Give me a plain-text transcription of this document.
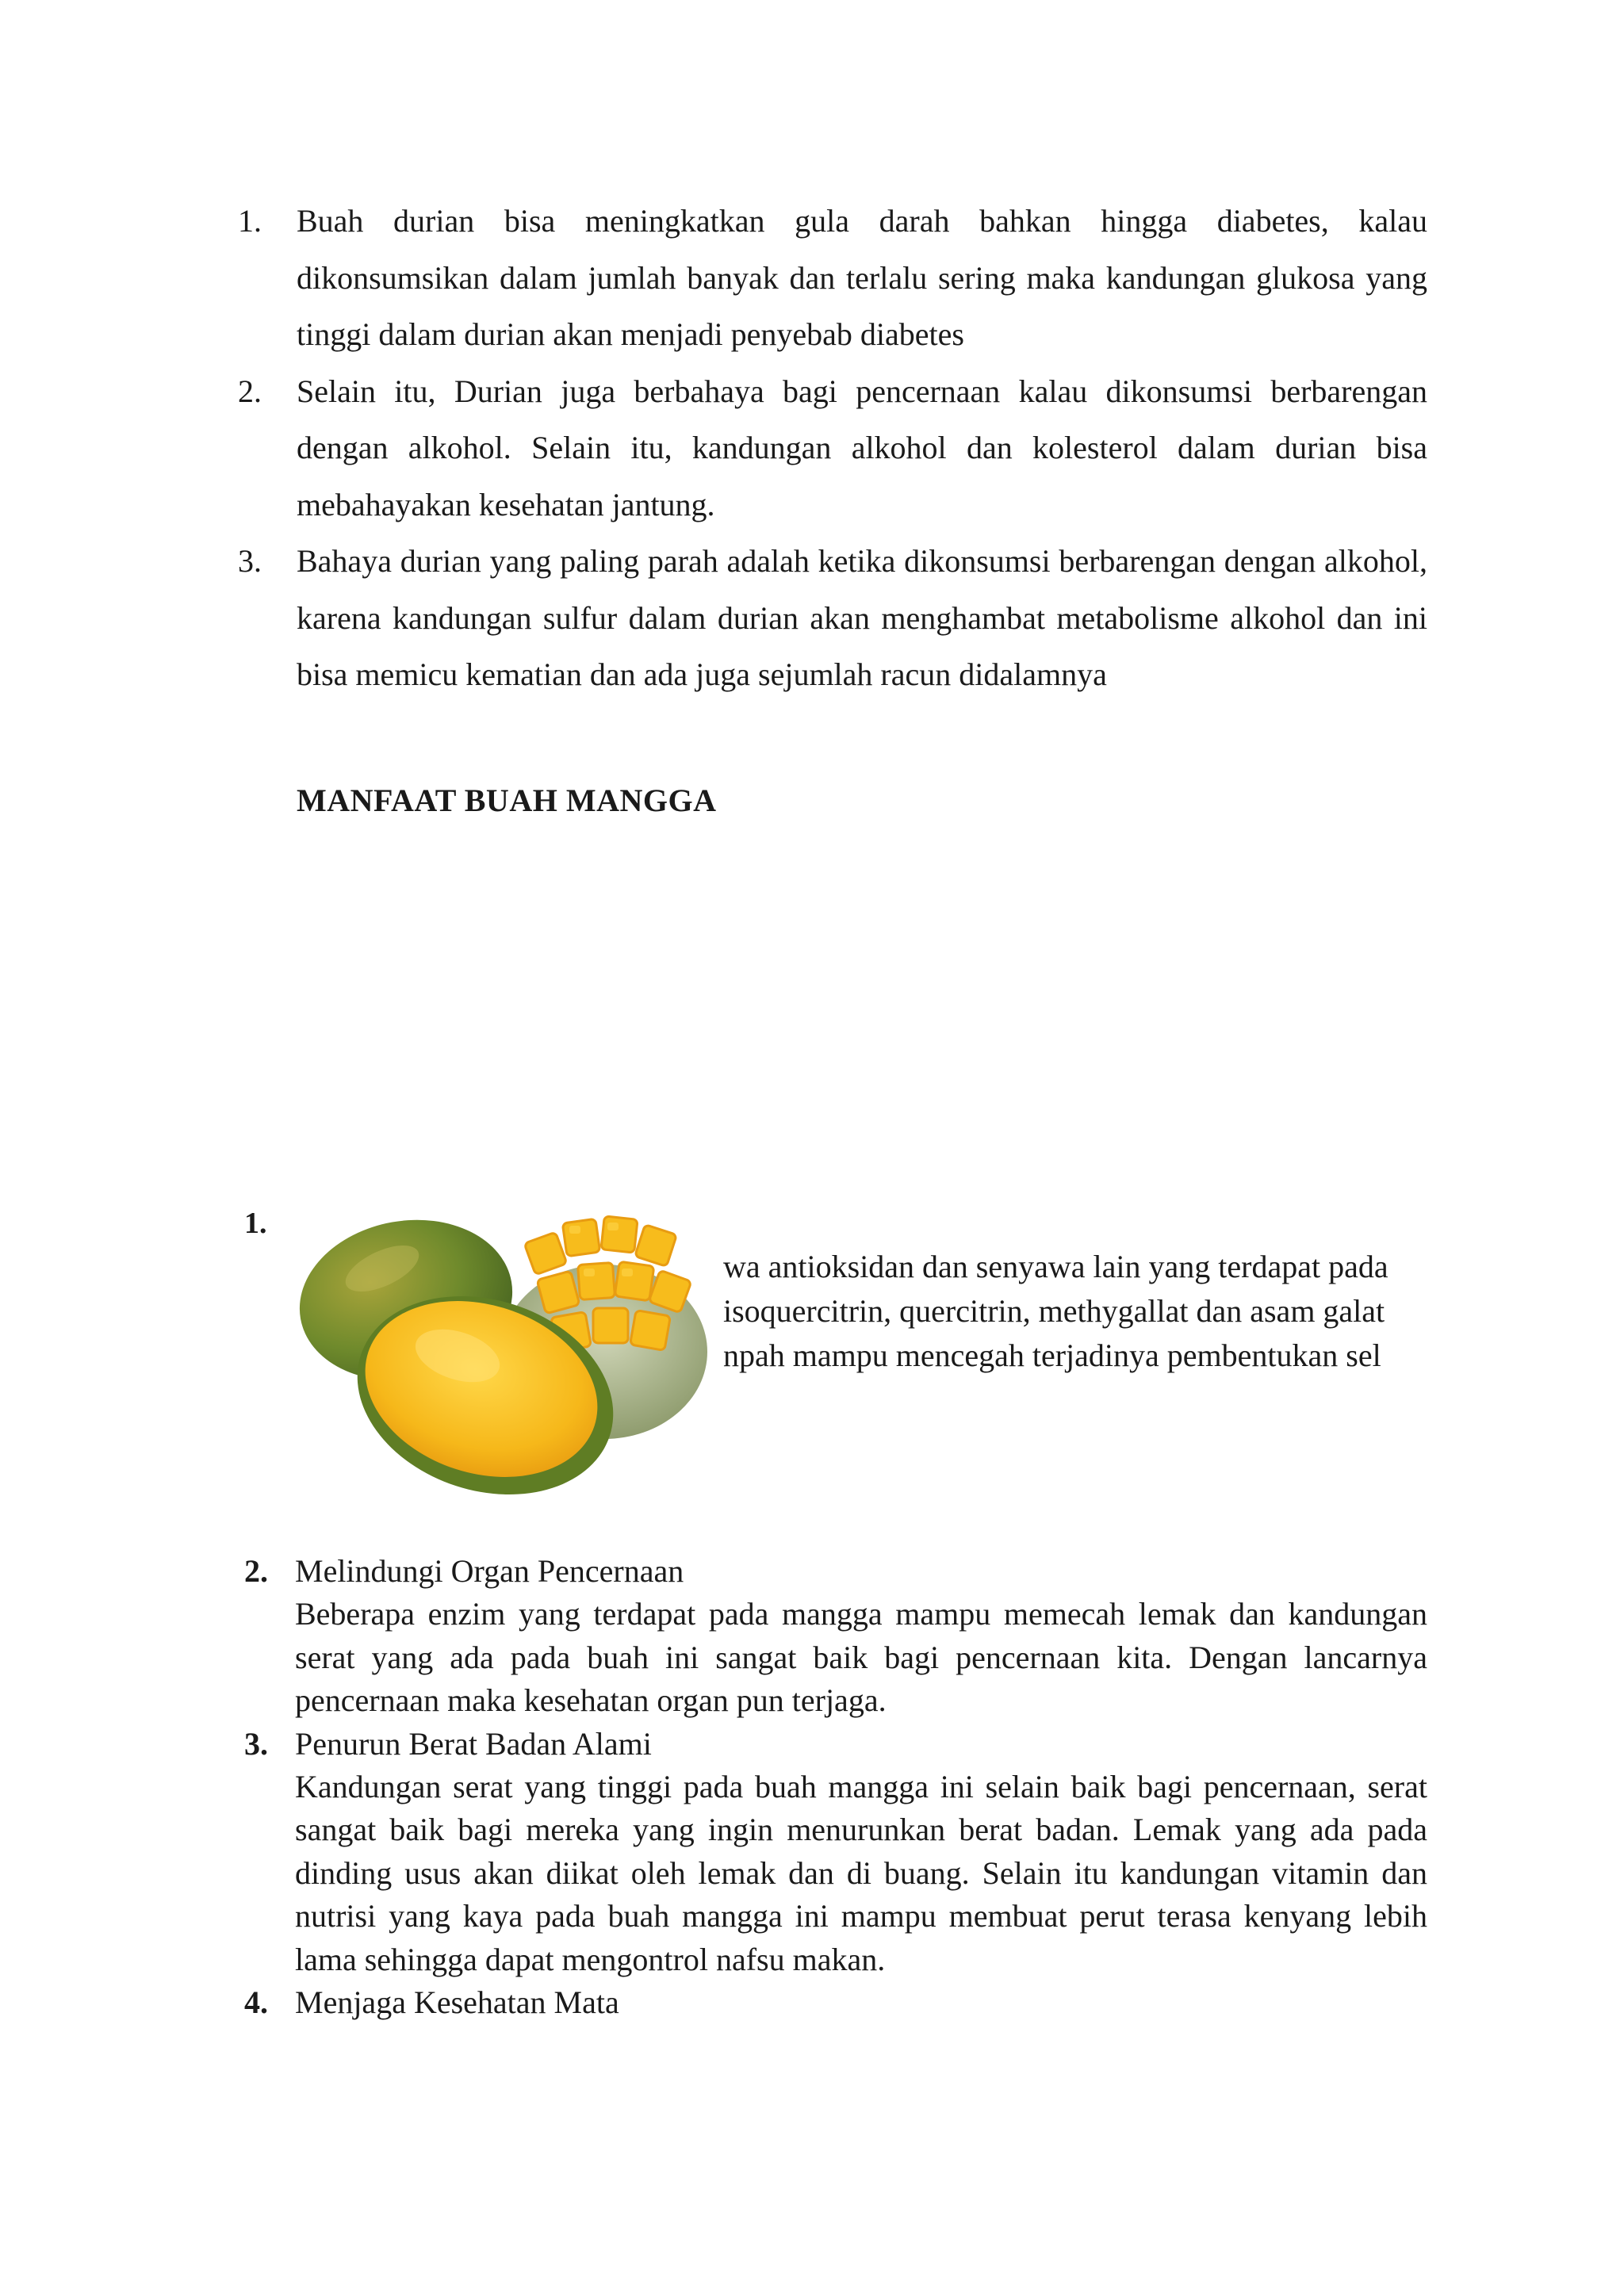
1. Buah durian bisa meningkatkan gula darah bahkan hingga diabetes, kalau dikonsumsikan dalam jumlah banyak dan terlalu sering maka kandungan glukosa yang tinggi dalam durian akan menjadi penyebab diabetes
2. Selain itu, Durian juga berbahaya bagi pencernaan kalau dikonsumsi berbarengan dengan alkohol. Selain itu, kandungan alkohol dan kolesterol dalam durian bisa mebahayakan kesehatan jantung.
3. Bahaya durian yang paling parah adalah ketika dikonsumsi berbarengan dengan alkohol, karena kandungan sulfur dalam durian akan menghambat metabolisme alkohol dan ini bisa memicu kematian dan ada juga sejumlah racun didalamnya
MANFAAT BUAH MANGGA
1.
wa antioksidan dan senyawa lain yang terdapat pada
isoquercitrin, quercitrin, methygallat dan asam galat
npah mampu mencegah terjadinya pembentukan sel
2. Melindungi Organ Pencernaan
Beberapa enzim yang terdapat pada mangga mampu memecah lemak dan kandungan serat yang ada pada buah ini sangat baik bagi pencernaan kita. Dengan lancarnya pencernaan maka kesehatan organ pun terjaga.
3. Penurun Berat Badan Alami
Kandungan serat yang tinggi pada buah mangga ini selain baik bagi pencernaan, serat sangat baik bagi mereka yang ingin menurunkan berat badan. Lemak yang ada pada dinding usus akan diikat oleh lemak dan di buang. Selain itu kandungan vitamin dan nutrisi yang kaya pada buah mangga ini mampu membuat perut terasa kenyang lebih lama sehingga dapat mengontrol nafsu makan.
4. Menjaga Kesehatan Mata
